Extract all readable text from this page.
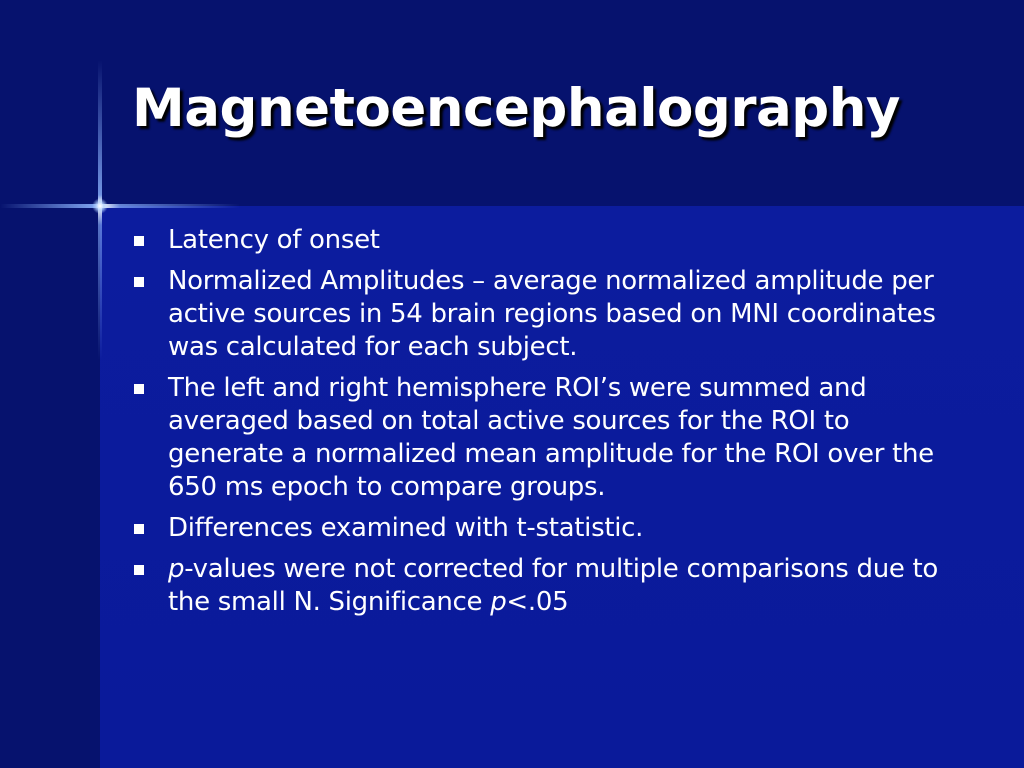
Magnetoencephalography
Latency of onset
Normalized Amplitudes – average normalized amplitude per active sources in 54 brain regions based on MNI coordinates was calculated for each subject.
The left and right hemisphere ROI’s were summed and averaged based on total active sources for the ROI to generate a normalized mean amplitude for the ROI over the 650 ms epoch to compare groups.
Differences examined with t-statistic.
p-values were not corrected for multiple comparisons due to the small N. Significance p<.05
